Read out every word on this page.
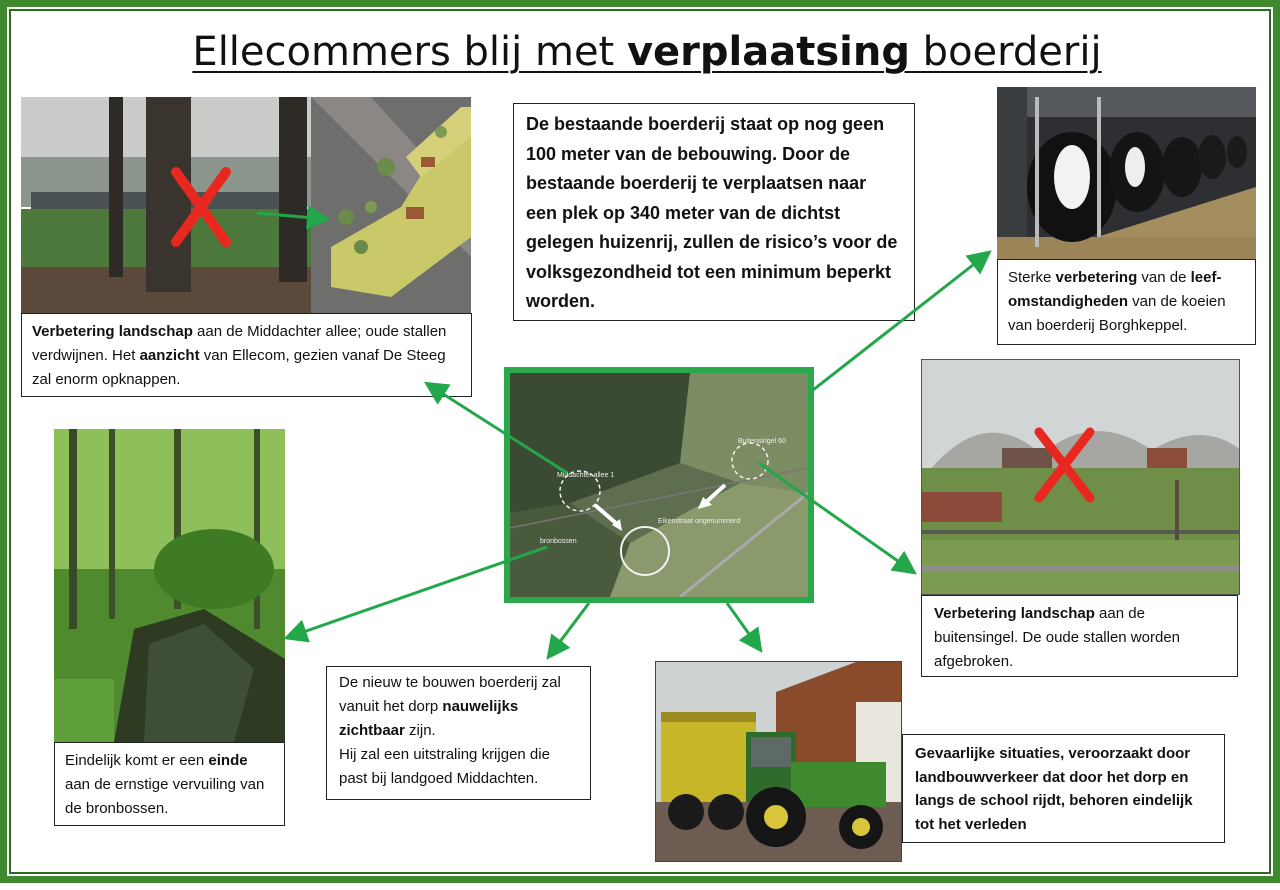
Ellecommers blij met verplaatsing boerderij

De bestaande boerderij staat op nog geen 100 meter van de bebouwing. Door de bestaande boerderij te verplaatsen naar een plek op 340 meter van de dichtst gelegen huizenrij, zullen de risico’s voor de volksgezondheid tot een minimum beperkt worden.

Sterke verbetering van de leef-omstandigheden van de koeien van boerderij Borghkeppel.

Verbetering landschap aan de Middachter allee; oude stallen verdwijnen. Het aanzicht van Ellecom, gezien vanaf De Steeg zal enorm opknappen.

Verbetering landschap aan de buitensingel. De oude stallen worden afgebroken.

Middachter allee 1
Buitensingel 60
Eikenstraat ongenummerd
bronbossen

Eindelijk komt er een einde aan de ernstige vervuiling van de bronbossen.

De nieuw te bouwen boerderij zal vanuit het dorp nauwelijks zichtbaar zijn.

Hij zal een uitstraling krijgen die past bij landgoed Middachten.

Gevaarlijke situaties, veroorzaakt door landbouwverkeer dat door het dorp en langs de school rijdt, behoren eindelijk tot het verleden
